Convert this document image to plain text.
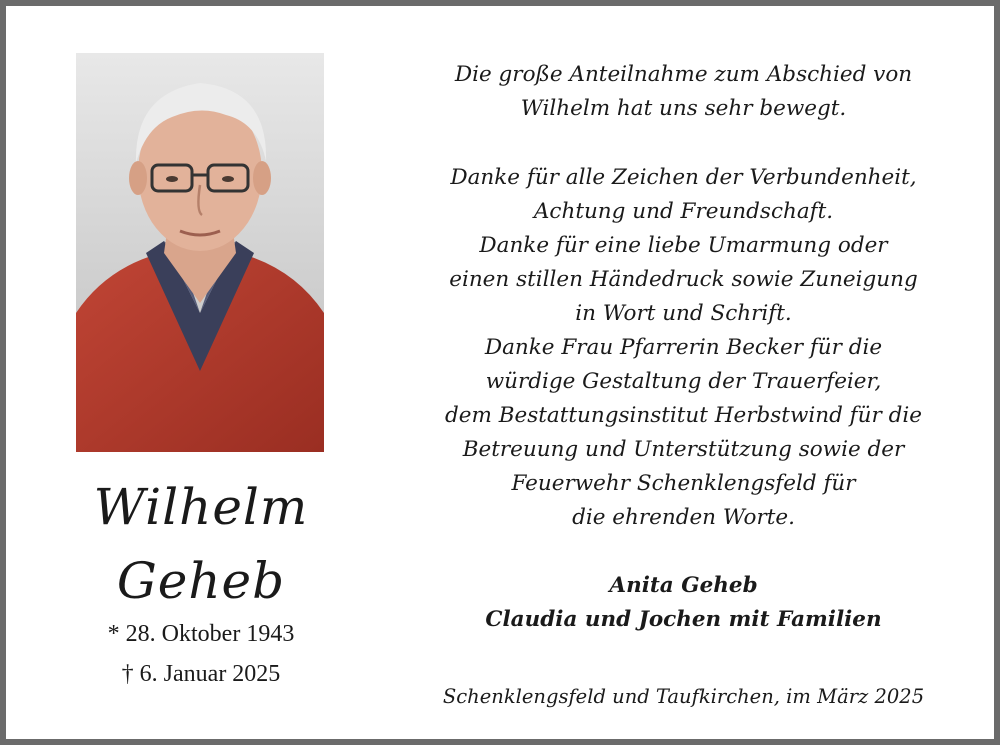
Wilhelm
Geheb
* 28. Oktober 1943
† 6. Januar 2025
Die große Anteilnahme zum Abschied von
Wilhelm hat uns sehr bewegt.
Danke für alle Zeichen der Verbundenheit,
Achtung und Freundschaft.
Danke für eine liebe Umarmung oder
einen stillen Händedruck sowie Zuneigung
in Wort und Schrift.
Danke Frau Pfarrerin Becker für die
würdige Gestaltung der Trauerfeier,
dem Bestattungsinstitut Herbstwind für die
Betreuung und Unterstützung sowie der
Feuerwehr Schenklengsfeld für
die ehrenden Worte.
Anita Geheb
Claudia und Jochen mit Familien
Schenklengsfeld und Taufkirchen, im März 2025
